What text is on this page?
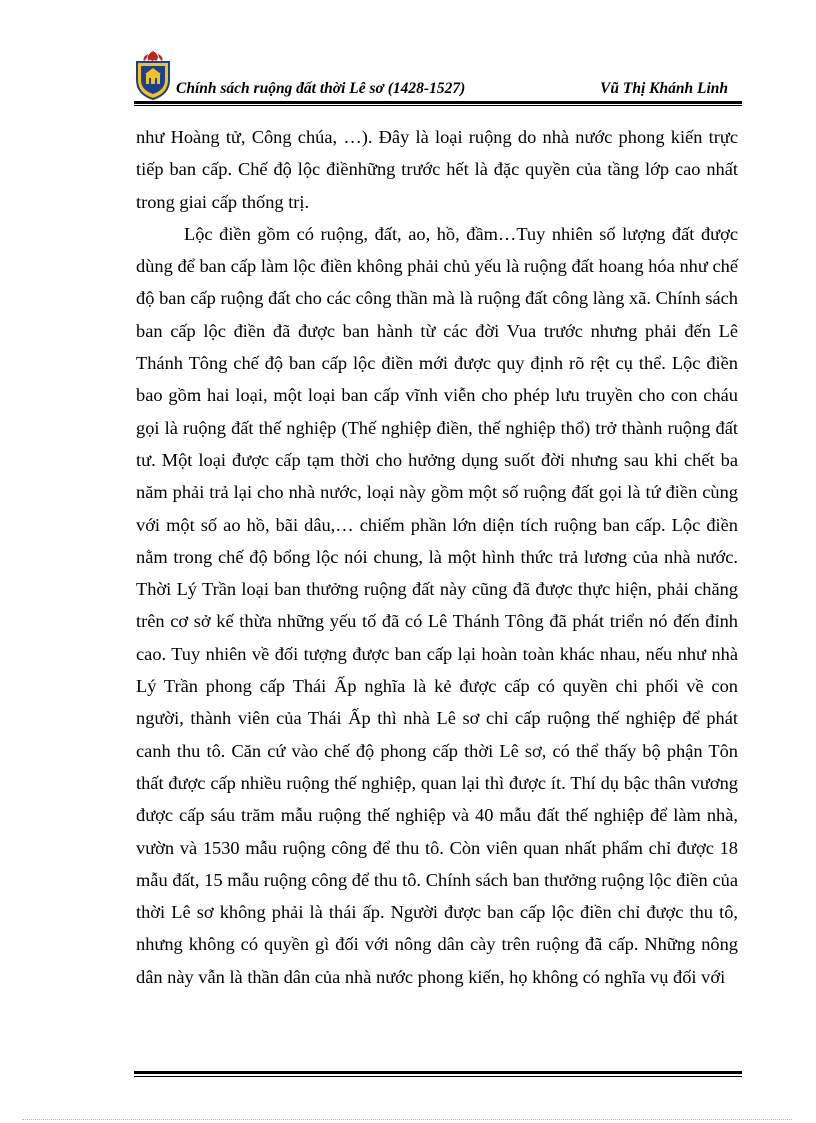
Chính sách ruộng đất thời Lê sơ (1428-1527)	Vũ Thị Khánh Linh

như Hoàng tử, Công chúa, …). Đây là loại ruộng do nhà nước phong kiến trực tiếp ban cấp. Chế độ lộc điềnhững trước hết là đặc quyền của tầng lớp cao nhất trong giai cấp thống trị.

Lộc điền gồm có ruộng, đất, ao, hồ, đầm…Tuy nhiên số lượng đất được dùng để ban cấp làm lộc điền không phải chủ yếu là ruộng đất hoang hóa như chế độ ban cấp ruộng đất cho các công thần mà là ruộng đất công làng xã. Chính sách ban cấp lộc điền đã được ban hành từ các đời Vua trước nhưng phải đến Lê Thánh Tông chế độ ban cấp lộc điền mới được quy định rõ rệt cụ thể. Lộc điền bao gồm hai loại, một loại ban cấp vĩnh viễn cho phép lưu truyền cho con cháu gọi là ruộng đất thế nghiệp (Thế nghiệp điền, thế nghiệp thổ) trở thành ruộng đất tư. Một loại được cấp tạm thời cho hưởng dụng suốt đời nhưng sau khi chết ba năm phải trả lại cho nhà nước, loại này gồm một số ruộng đất gọi là tứ điền cùng với một số ao hồ, bãi dâu,… chiếm phần lớn diện tích ruộng ban cấp. Lộc điền nằm trong chế độ bổng lộc nói chung, là một hình thức trả lương của nhà nước. Thời Lý Trần loại ban thưởng ruộng đất này cũng đã được thực hiện, phải chăng trên cơ sở kế thừa những yếu tố đã có Lê Thánh Tông đã phát triển nó đến đỉnh cao. Tuy nhiên về đối tượng được ban cấp lại hoàn toàn khác nhau, nếu như nhà Lý Trần phong cấp Thái Ấp nghĩa là kẻ được cấp có quyền chi phối về con người, thành viên của Thái Ấp thì nhà Lê sơ chỉ cấp ruộng thế nghiệp để phát canh thu tô. Căn cứ vào chế độ phong cấp thời Lê sơ, có thể thấy bộ phận Tôn thất được cấp nhiều ruộng thế nghiệp, quan lại thì được ít. Thí dụ bậc thân vương được cấp sáu trăm mẫu ruộng thế nghiệp và 40 mẫu đất thế nghiệp để làm nhà, vườn và 1530 mẫu ruộng công để thu tô. Còn viên quan nhất phẩm chỉ được 18 mẫu đất, 15 mẫu ruộng công để thu tô. Chính sách ban thưởng ruộng lộc điền của thời Lê sơ không phải là thái ấp. Người được ban cấp lộc điền chỉ được thu tô, nhưng không có quyền gì đối với nông dân cày trên ruộng đã cấp. Những nông dân này vẫn là thần dân của nhà nước phong kiến, họ không có nghĩa vụ đối với
